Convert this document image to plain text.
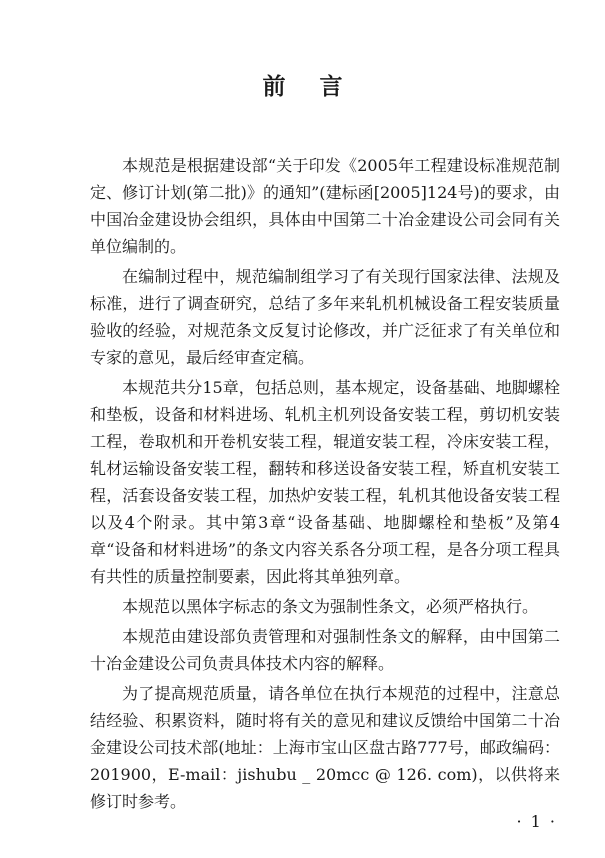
前言

本规范是根据建设部“关于印发《2005年工程建设标准规范制定、修订计划(第二批)》的通知”(建标函[2005]124号)的要求，由中国冶金建设协会组织，具体由中国第二十冶金建设公司会同有关单位编制的。

在编制过程中，规范编制组学习了有关现行国家法律、法规及标准，进行了调查研究，总结了多年来轧机机械设备工程安装质量验收的经验，对规范条文反复讨论修改，并广泛征求了有关单位和专家的意见，最后经审查定稿。

本规范共分15章，包括总则，基本规定，设备基础、地脚螺栓和垫板，设备和材料进场、轧机主机列设备安装工程，剪切机安装工程，卷取机和开卷机安装工程，辊道安装工程，冷床安装工程，轧材运输设备安装工程，翻转和移送设备安装工程，矫直机安装工程，活套设备安装工程，加热炉安装工程，轧机其他设备安装工程以及4个附录。其中第3章“设备基础、地脚螺栓和垫板”及第4章“设备和材料进场”的条文内容关系各分项工程，是各分项工程具有共性的质量控制要素，因此将其单独列章。

本规范以黑体字标志的条文为强制性条文，必须严格执行。

本规范由建设部负责管理和对强制性条文的解释，由中国第二十冶金建设公司负责具体技术内容的解释。

为了提高规范质量，请各单位在执行本规范的过程中，注意总结经验、积累资料，随时将有关的意见和建议反馈给中国第二十冶金建设公司技术部(地址：上海市宝山区盘古路777号，邮政编码：201900，E-mail：jishubu _ 20mcc @ 126. com)，以供将来修订时参考。

· 1 ·
